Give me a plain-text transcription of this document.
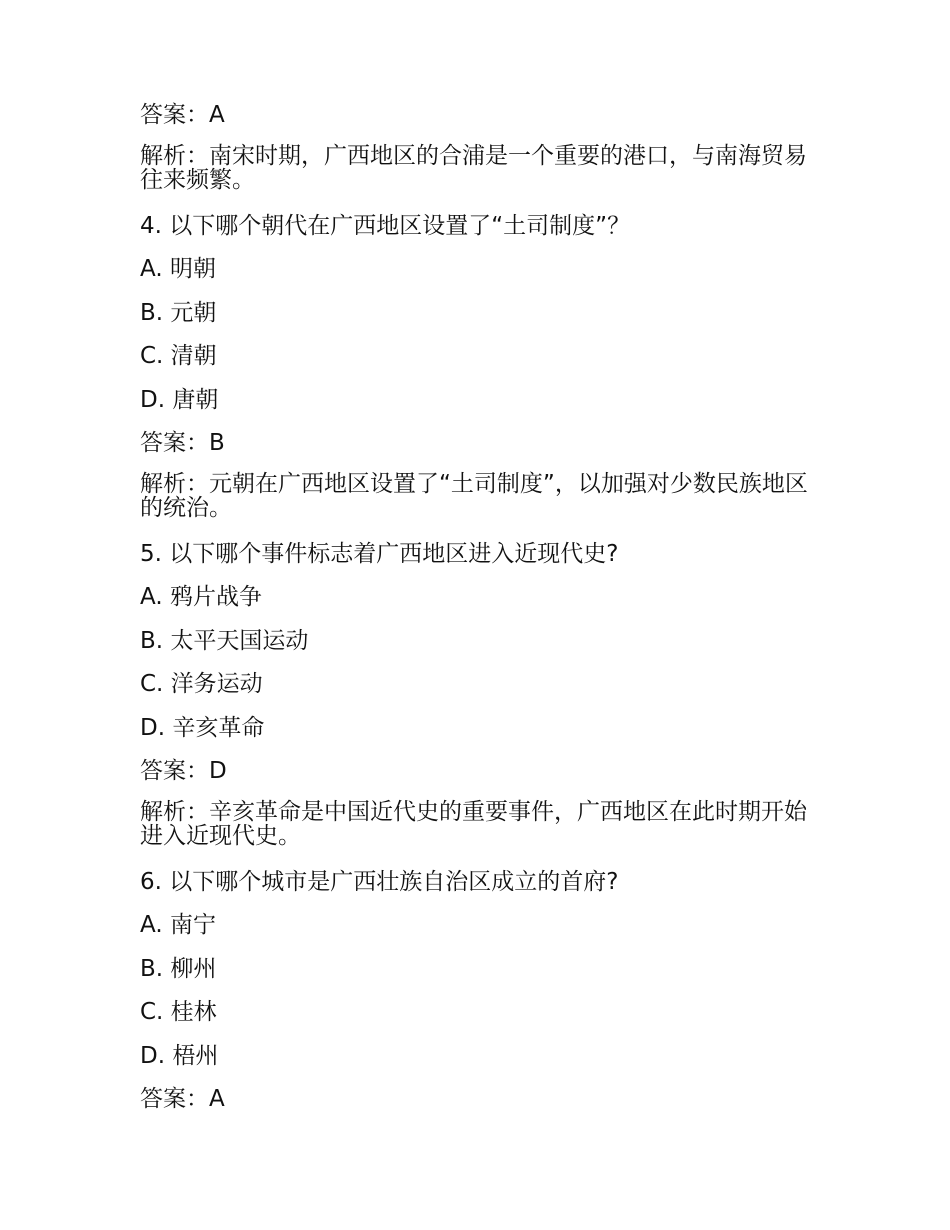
答案：A
解析：南宋时期，广西地区的合浦是一个重要的港口，与南海贸易往来频繁。
4. 以下哪个朝代在广西地区设置了“土司制度”？
A. 明朝
B. 元朝
C. 清朝
D. 唐朝
答案：B
解析：元朝在广西地区设置了“土司制度”，以加强对少数民族地区的统治。
5. 以下哪个事件标志着广西地区进入近现代史?
A. 鸦片战争
B. 太平天国运动
C. 洋务运动
D. 辛亥革命
答案：D
解析：辛亥革命是中国近代史的重要事件，广西地区在此时期开始进入近现代史。
6. 以下哪个城市是广西壮族自治区成立的首府?
A. 南宁
B. 柳州
C. 桂林
D. 梧州
答案：A
